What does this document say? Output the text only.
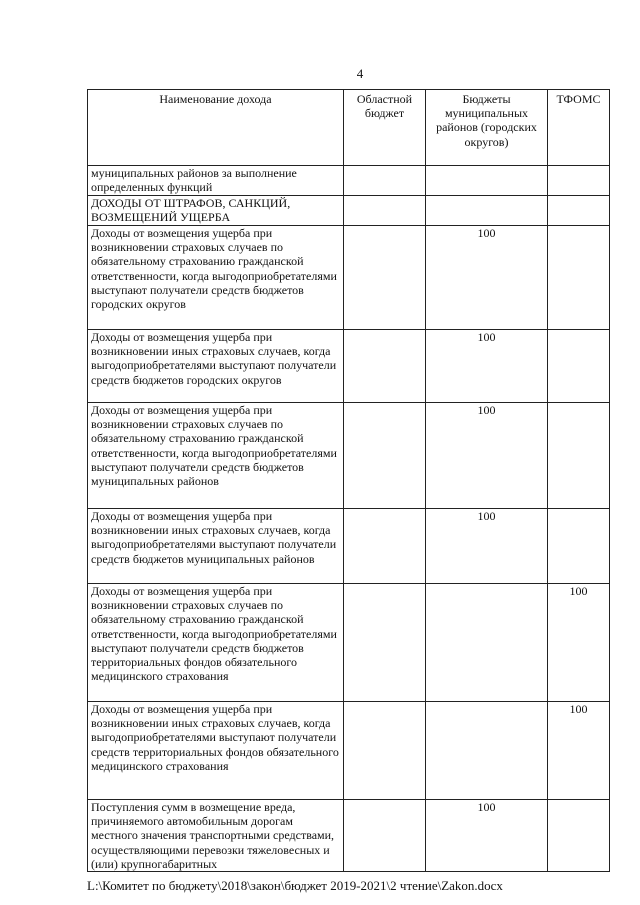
4
Наименование дохода	Областной бюджет	Бюджеты муниципальных районов (городских округов)	ТФОМС
муниципальных районов за выполнение определенных функций			
ДОХОДЫ ОТ ШТРАФОВ, САНКЦИЙ, ВОЗМЕЩЕНИЙ УЩЕРБА			
Доходы от возмещения ущерба при возникновении страховых случаев по обязательному страхованию гражданской ответственности, когда выгодоприобретателями выступают получатели средств бюджетов городских округов		100	
Доходы от возмещения ущерба при возникновении иных страховых случаев, когда выгодоприобретателями выступают получатели средств бюджетов городских округов		100	
Доходы от возмещения ущерба при возникновении страховых случаев по обязательному страхованию гражданской ответственности, когда выгодоприобретателями выступают получатели средств бюджетов муниципальных районов		100	
Доходы от возмещения ущерба при возникновении иных страховых случаев, когда выгодоприобретателями выступают получатели средств бюджетов муниципальных районов		100	
Доходы от возмещения ущерба при возникновении страховых случаев по обязательному страхованию гражданской ответственности, когда выгодоприобретателями выступают получатели средств бюджетов территориальных фондов обязательного медицинского страхования			100
Доходы от возмещения ущерба при возникновении иных страховых случаев, когда выгодоприобретателями выступают получатели средств территориальных фондов обязательного медицинского страхования			100
Поступления сумм в возмещение вреда, причиняемого автомобильным дорогам местного значения транспортными средствами, осуществляющими перевозки тяжеловесных и (или) крупногабаритных		100	
L:\Комитет по бюджету\2018\закон\бюджет 2019-2021\2 чтение\Zakon.docx
